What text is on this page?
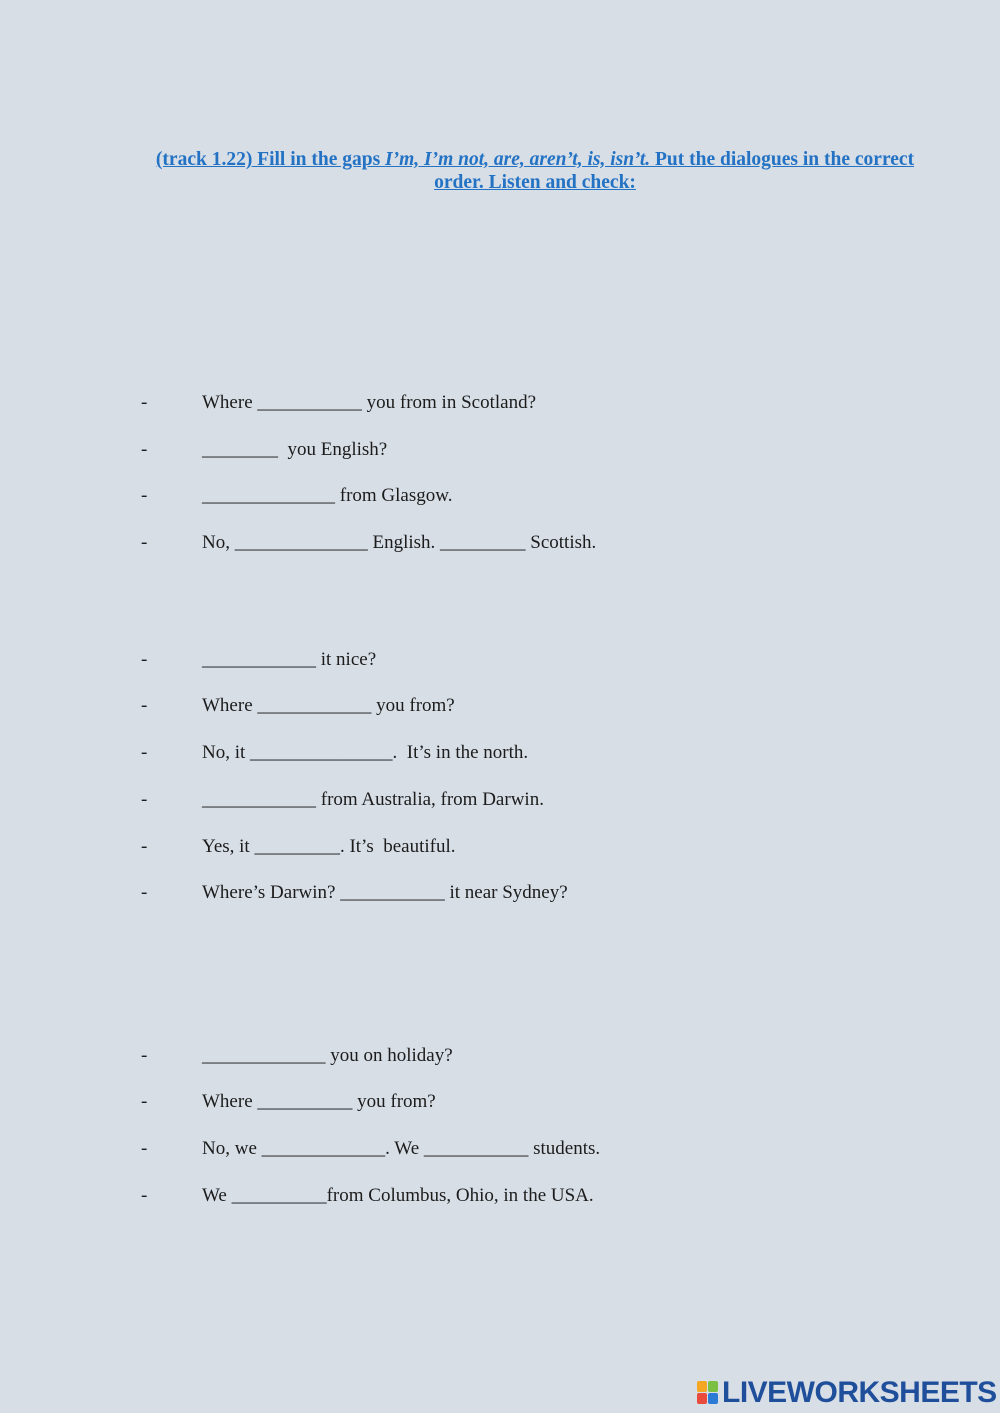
(track 1.22) Fill in the gaps I’m, I’m not, are, aren’t, is, isn’t. Put the dialogues in the correct order. Listen and check:
-	Where ___________ you from in Scotland?
-	________  you English?
-	______________ from Glasgow.
-	No, ______________ English. _________ Scottish.
-	____________ it nice?
-	Where ____________ you from?
-	No, it _______________.  It’s in the north.
-	____________ from Australia, from Darwin.
-	Yes, it _________. It’s  beautiful.
-	Where’s Darwin? ___________ it near Sydney?
-	_____________ you on holiday?
-	Where __________ you from?
-	No, we _____________. We ___________ students.
-	We __________from Columbus, Ohio, in the USA.
LIVEWORKSHEETS
